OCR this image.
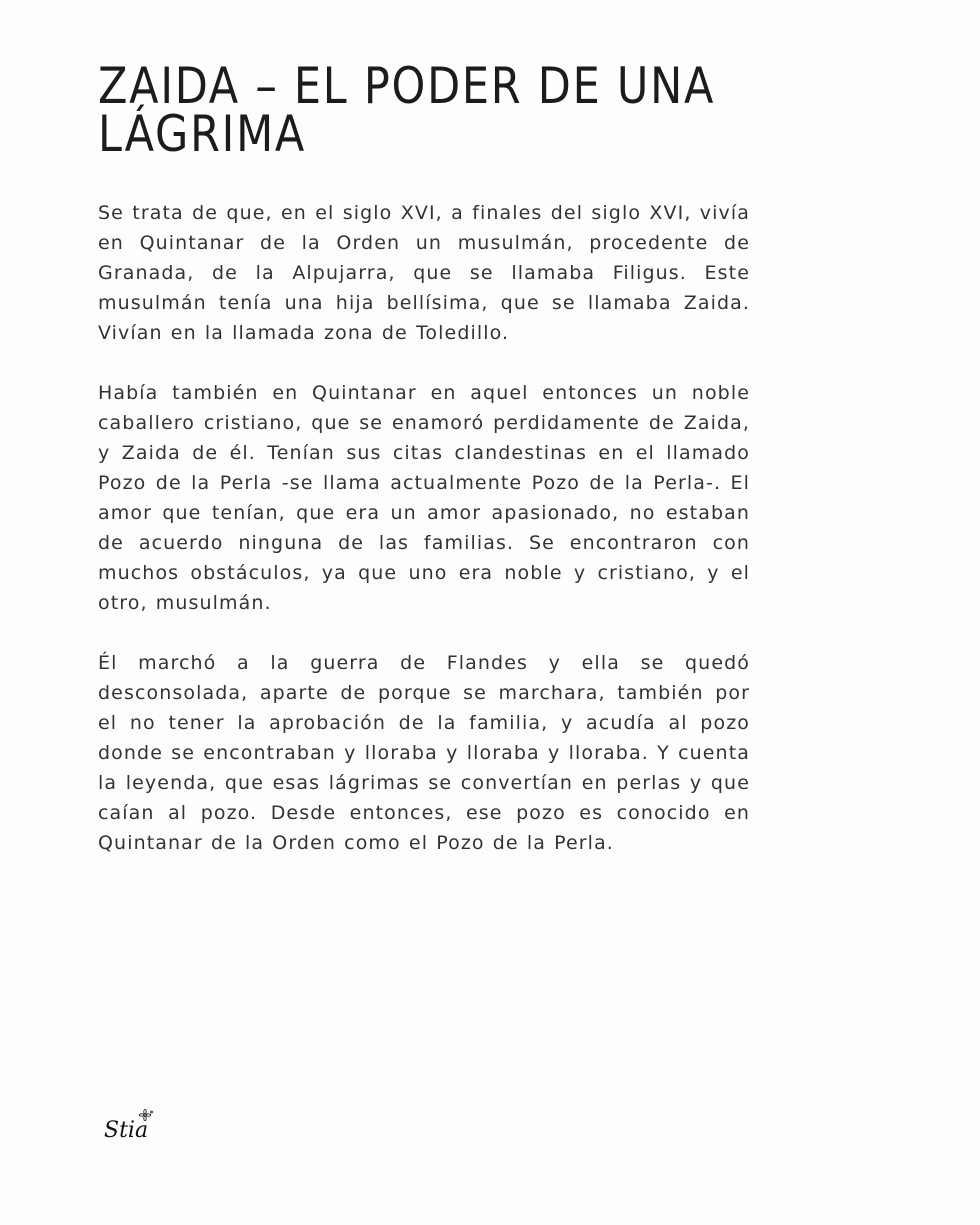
ZAIDA – EL PODER DE UNA LÁGRIMA

Se trata de que, en el siglo XVI, a finales del siglo XVI, vivía en Quintanar de la Orden un musulmán, procedente de Granada, de la Alpujarra, que se llamaba Filigus. Este musulmán tenía una hija bellísima, que se llamaba Zaida. Vivían en la llamada zona de Toledillo.

Había también en Quintanar en aquel entonces un noble caballero cristiano, que se enamoró perdidamente de Zaida, y Zaida de él. Tenían sus citas clandestinas en el llamado Pozo de la Perla -se llama actualmente Pozo de la Perla-. El amor que tenían, que era un amor apasionado, no estaban de acuerdo ninguna de las familias. Se encontraron con muchos obstáculos, ya que uno era noble y cristiano, y el otro, musulmán.

Él marchó a la guerra de Flandes y ella se quedó desconsolada, aparte de porque se marchara, también por el no tener la aprobación de la familia, y acudía al pozo donde se encontraban y lloraba y lloraba y lloraba. Y cuenta la leyenda, que esas lágrimas se convertían en perlas y que caían al pozo. Desde entonces, ese pozo es conocido en Quintanar de la Orden como el Pozo de la Perla.

Stia
